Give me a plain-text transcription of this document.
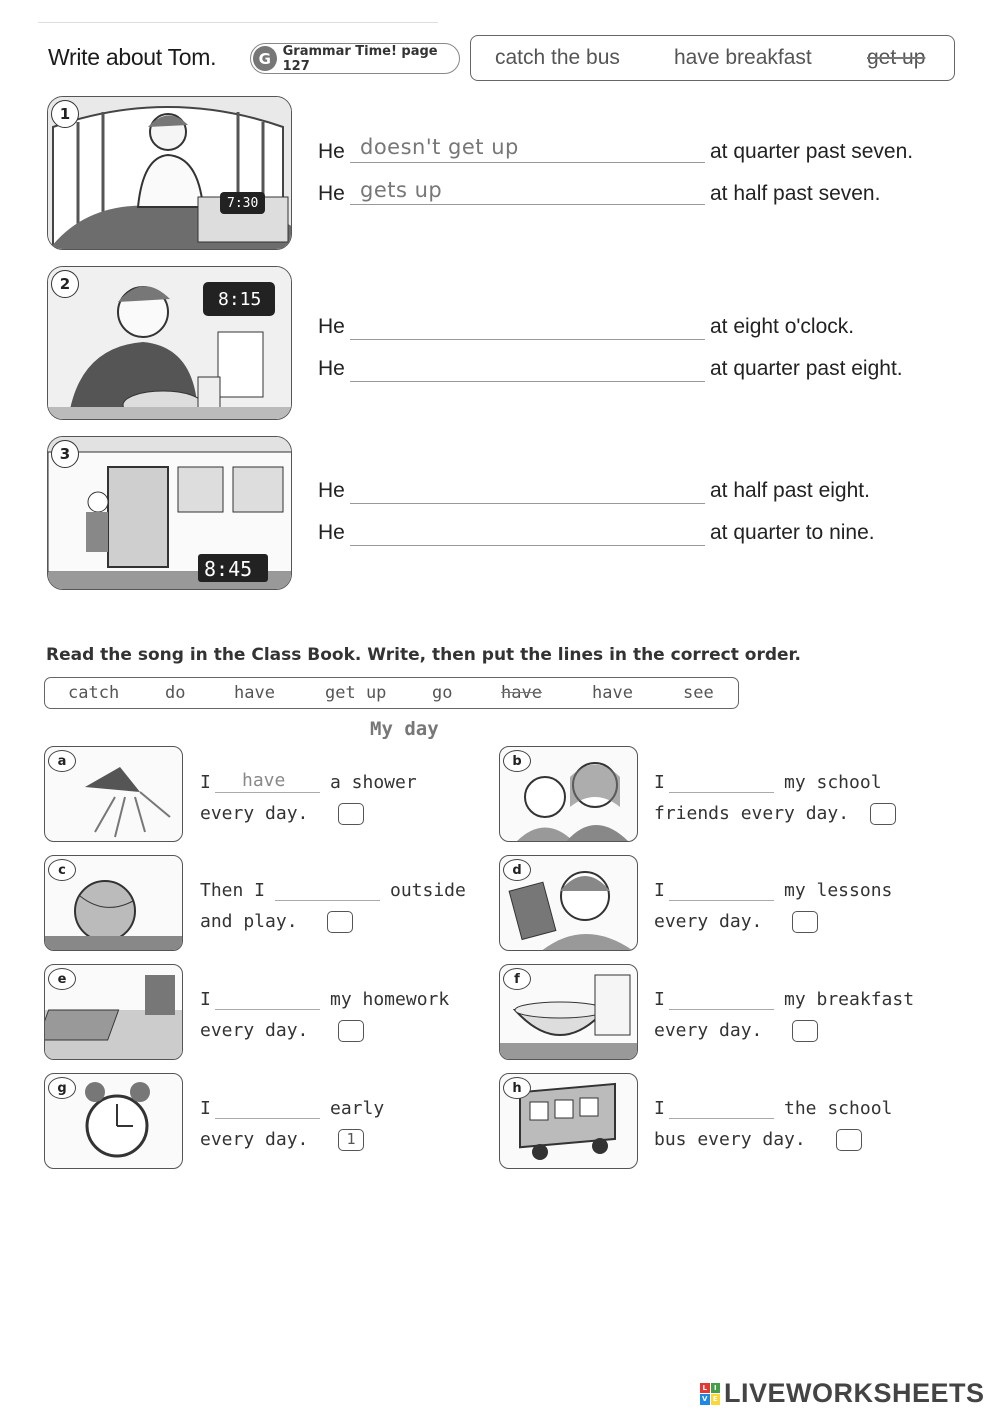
Write about Tom.	G Grammar Time! page 127	catch the bus	have breakfast	get up
1
7:30
2
8:15
3
8:45
He doesn't get up	at quarter past seven.
He gets up	at half past seven.
He	at eight o'clock.
He	at quarter past eight.
He	at half past eight.
He	at quarter to nine.
Read the song in the Class Book. Write, then put the lines in the correct order.
catch	do	have	get up	go	have	have	see
My day
a
I have a shower
every day.
c
Then I	outside
and play.
e
I	my homework
every day.
g
I	early
every day.	1
b
I	my school
friends every day.
d
I	my lessons
every day.
f
I	my breakfast
every day.
h
I	the school
bus every day.
L I
V E LIVEWORKSHEETS
